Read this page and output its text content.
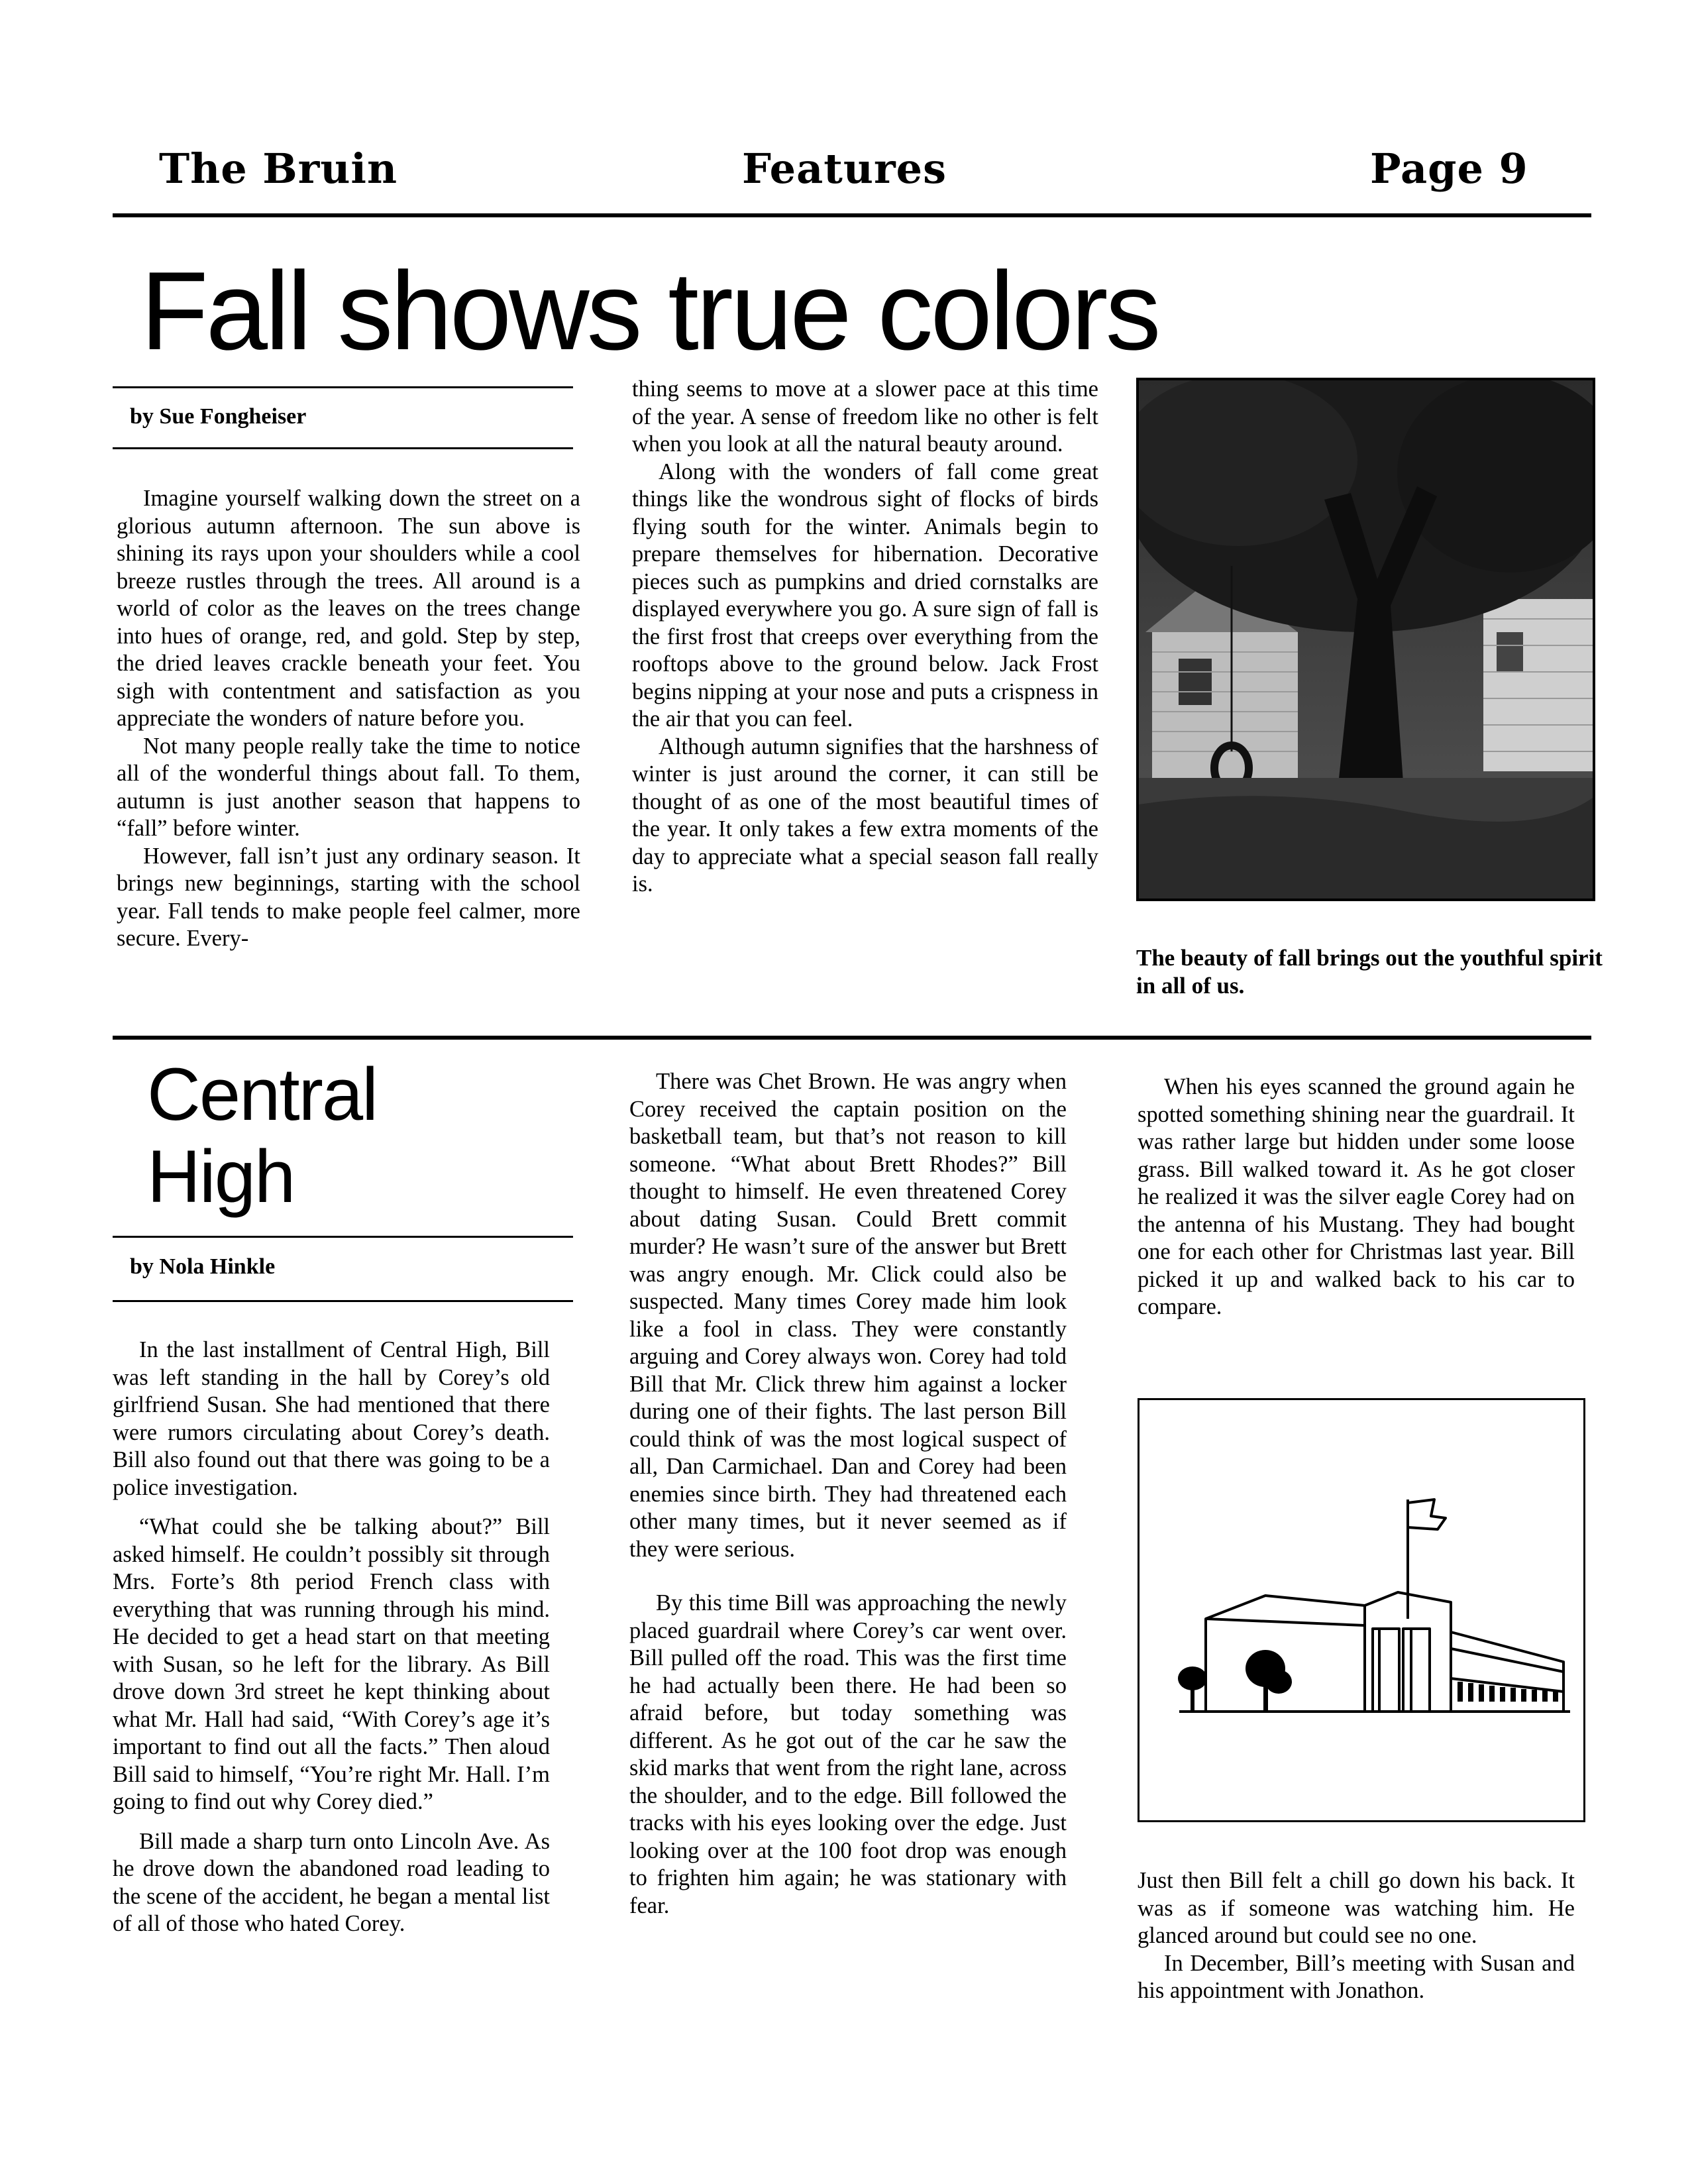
The Bruin	Features	Page 9
Fall shows true colors
by Sue Fongheiser

Imagine yourself walking down the street on a glorious autumn afternoon. The sun above is shining its rays upon your shoulders while a cool breeze rustles through the trees. All around is a world of color as the leaves on the trees change into hues of orange, red, and gold. Step by step, the dried leaves crackle beneath your feet. You sigh with contentment and satisfaction as you appreciate the wonders of nature before you.

Not many people really take the time to notice all of the wonderful things about fall. To them, autumn is just another season that happens to “fall” before winter.

However, fall isn’t just any ordinary season. It brings new beginnings, starting with the school year. Fall tends to make people feel calmer, more secure. Every-

thing seems to move at a slower pace at this time of the year. A sense of freedom like no other is felt when you look at all the natural beauty around.

Along with the wonders of fall come great things like the wondrous sight of flocks of birds flying south for the winter. Animals begin to prepare themselves for hibernation. Decorative pieces such as pumpkins and dried cornstalks are displayed everywhere you go. A sure sign of fall is the first frost that creeps over everything from the rooftops above to the ground below. Jack Frost begins nipping at your nose and puts a crispness in the air that you can feel.

Although autumn signifies that the harshness of winter is just around the corner, it can still be thought of as one of the most beautiful times of the year. It only takes a few extra moments of the day to appreciate what a special season fall really is.

The beauty of fall brings out the youthful spirit in all of us.
Central
High
by Nola Hinkle

In the last installment of Central High, Bill was left standing in the hall by Corey’s old girlfriend Susan. She had mentioned that there were rumors circulating about Corey’s death. Bill also found out that there was going to be a police investigation.

“What could she be talking about?” Bill asked himself. He couldn’t possibly sit through Mrs. Forte’s 8th period French class with everything that was running through his mind. He decided to get a head start on that meeting with Susan, so he left for the library. As Bill drove down 3rd street he kept thinking about what Mr. Hall had said, “With Corey’s age it’s important to find out all the facts.” Then aloud Bill said to himself, “You’re right Mr. Hall. I’m going to find out why Corey died.”

Bill made a sharp turn onto Lincoln Ave. As he drove down the abandoned road leading to the scene of the accident, he began a mental list of all of those who hated Corey.

There was Chet Brown. He was angry when Corey received the captain position on the basketball team, but that’s not reason to kill someone. “What about Brett Rhodes?” Bill thought to himself. He even threatened Corey about dating Susan. Could Brett commit murder? He wasn’t sure of the answer but Brett was angry enough. Mr. Click could also be suspected. Many times Corey made him look like a fool in class. They were constantly arguing and Corey always won. Corey had told Bill that Mr. Click threw him against a locker during one of their fights. The last person Bill could think of was the most logical suspect of all, Dan Carmichael. Dan and Corey had been enemies since birth. They had threatened each other many times, but it never seemed as if they were serious.

By this time Bill was approaching the newly placed guardrail where Corey’s car went over. Bill pulled off the road. This was the first time he had actually been there. He had been so afraid before, but today something was different. As he got out of the car he saw the skid marks that went from the right lane, across the shoulder, and to the edge. Bill followed the tracks with his eyes looking over the edge. Just looking over at the 100 foot drop was enough to frighten him again; he was stationary with fear.

When his eyes scanned the ground again he spotted something shining near the guardrail. It was rather large but hidden under some loose grass. Bill walked toward it. As he got closer he realized it was the silver eagle Corey had on the antenna of his Mustang. They had bought one for each other for Christmas last year. Bill picked it up and walked back to his car to compare.

Just then Bill felt a chill go down his back. It was as if someone was watching him. He glanced around but could see no one.

In December, Bill’s meeting with Susan and his appointment with Jonathon.
